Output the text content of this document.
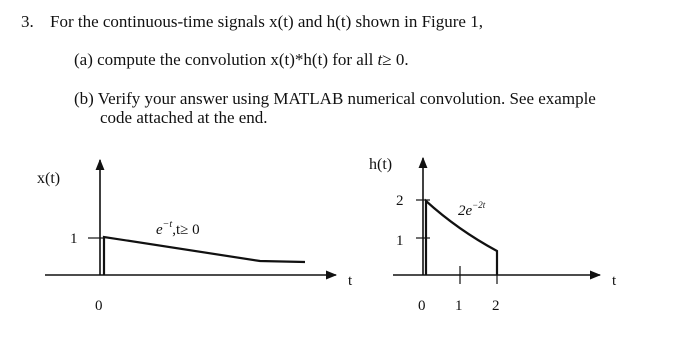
3. For the continuous-time signals x(t) and h(t) shown in Figure 1,
(a) compute the convolution x(t)*h(t) for all t≥ 0.
(b) Verify your answer using MATLAB numerical convolution. See example
code attached at the end.
x(t)
1
0
t
$e^{-t},t\ge 0$
h(t)
2
1
0 1 2
t
$2e^{-2t}$
